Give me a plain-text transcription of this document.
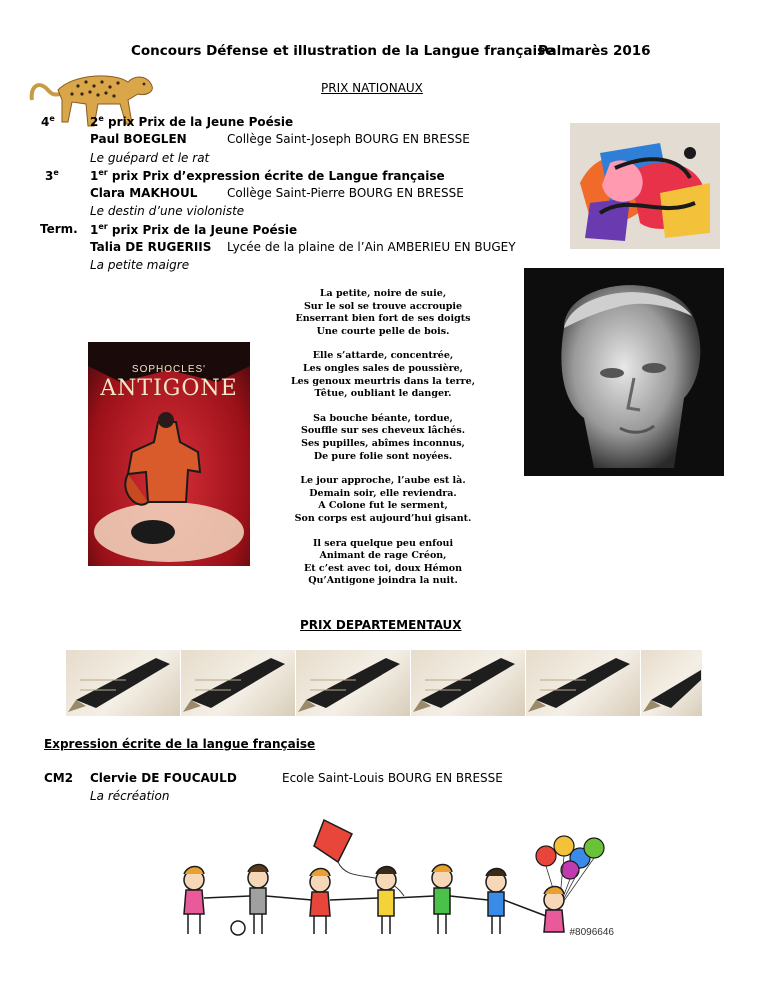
Concours Défense et illustration de la Langue française
Palmarès 2016
PRIX NATIONAUX
4e	2e prix Prix de la Jeune Poésie
Paul BOEGLEN	Collège Saint-Joseph BOURG EN BRESSE
Le guépard et le rat
3e	1er prix Prix d’expression écrite de Langue française
Clara MAKHOUL Collège Saint-Pierre BOURG EN BRESSE
Le destin d’une violoniste
Term. 1er prix Prix de la Jeune Poésie
Talia DE RUGERIIS Lycée de la plaine de l’Ain AMBERIEU EN BUGEY
La petite maigre
SOPHOCLES'
ANTIGONE
La petite, noire de suie,
Sur le sol se trouve accroupie
Enserrant bien fort de ses doigts
Une courte pelle de bois.
Elle s’attarde, concentrée,
Les ongles sales de poussière,
Les genoux meurtris dans la terre,
Têtue, oubliant le danger.
Sa bouche béante, tordue,
Souffle sur ses cheveux lâchés.
Ses pupilles, abîmes inconnus,
De pure folie sont noyées.
Le jour approche, l’aube est là.
Demain soir, elle reviendra.
A Colone fut le serment,
Son corps est aujourd’hui gisant.
Il sera quelque peu enfoui
Animant de rage Créon,
Et c’est avec toi, doux Hémon
Qu’Antigone joindra la nuit.
PRIX DEPARTEMENTAUX
Expression écrite de la langue française
CM2 Clervie DE FOUCAULD	Ecole Saint-Louis BOURG EN BRESSE
La récréation
#8096646
